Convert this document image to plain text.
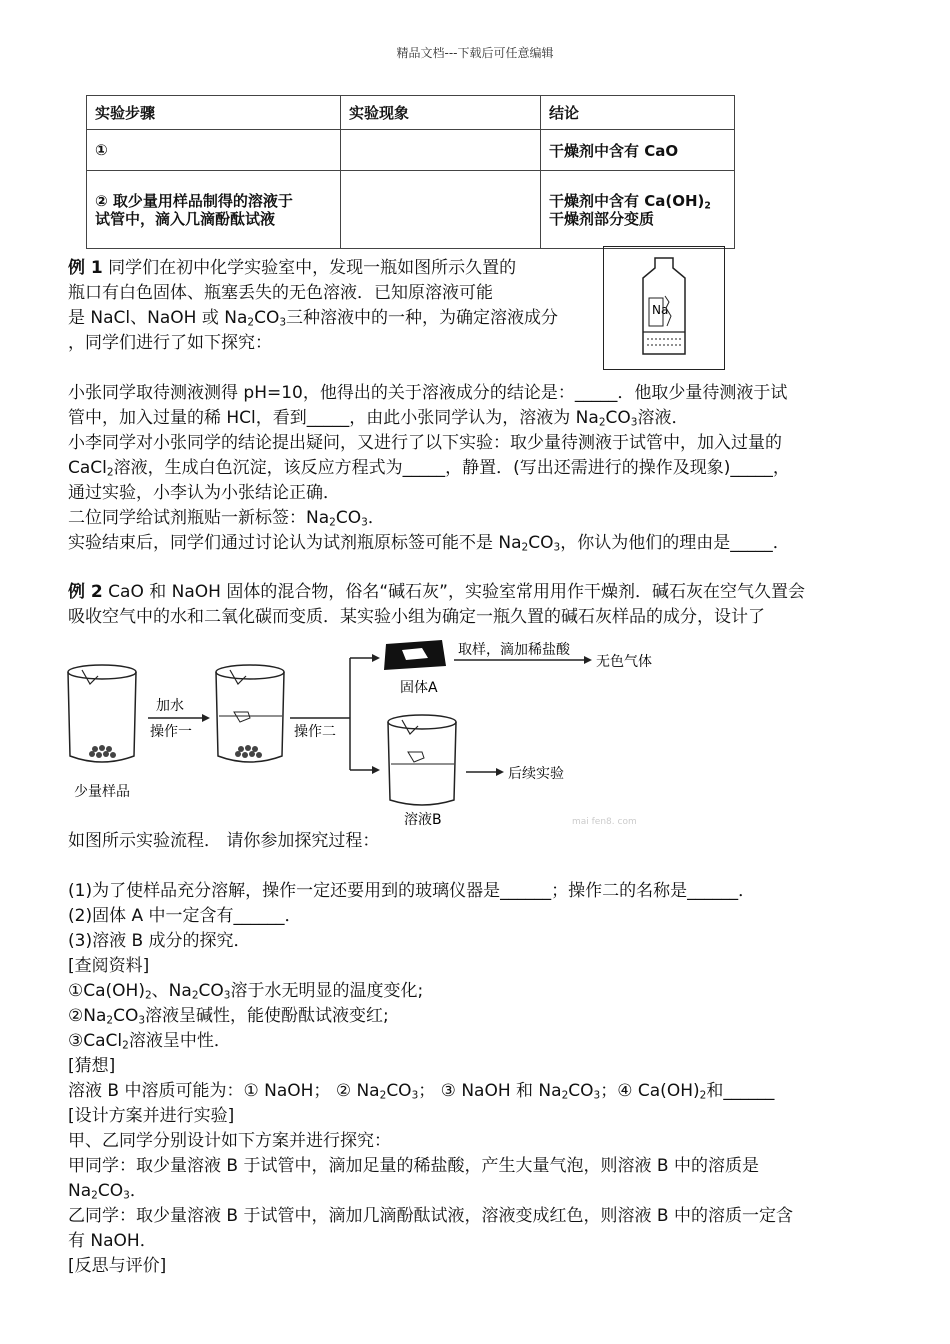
精品文档---下载后可任意编辑
实验步骤	实验现象	结论
①		干燥剂中含有 CaO
② 取少量用样品制得的溶液于
试管中，滴入几滴酚酞试液		干燥剂中含有 $Ca(OH)_2$
干燥剂部分变质
例 1 同学们在初中化学实验室中，发现一瓶如图所示久置的
瓶口有白色固体、瓶塞丢失的无色溶液．已知原溶液可能
是 NaCl、NaOH 或 $Na_2CO_3$三种溶液中的一种，为确定溶液成分
，同学们进行了如下探究：
Na
小张同学取待测液测得 pH=10，他得出的关于溶液成分的结论是：_____．他取少量待测液于试
管中，加入过量的稀 HCl，看到_____，由此小张同学认为，溶液为 $Na_2CO_3$溶液．
小李同学对小张同学的结论提出疑问，又进行了以下实验：取少量待测液于试管中，加入过量的
CaCl$_2$溶液，生成白色沉淀，该反应方程式为_____，静置．(写出还需进行的操作及现象)_____，
通过实验，小李认为小张结论正确．
二位同学给试剂瓶贴一新标签：$Na_2CO_3$．
实验结束后，同学们通过讨论认为试剂瓶原标签可能不是 $Na_2CO_3$，你认为他们的理由是_____．
例 2 CaO 和 NaOH 固体的混合物，俗名“碱石灰”，实验室常用用作干燥剂．碱石灰在空气久置会
吸收空气中的水和二氧化碳而变质．某实验小组为确定一瓶久置的碱石灰样品的成分，设计了
少量样品
加水
操作一	操作二
固体A
取样，滴加稀盐酸
无色气体
溶液B
后续实验
mai fen8. com
如图所示实验流程． 请你参加探究过程：
(1)为了使样品充分溶解，操作一定还要用到的玻璃仪器是______；操作二的名称是______．
(2)固体 A 中一定含有______．
(3)溶液 B 成分的探究．
[查阅资料]
$①Ca(OH)_2$、$Na_2CO_3$溶于水无明显的温度变化;
$②Na_2CO_3$溶液呈碱性，能使酚酞试液变红;
③CaCl$_2$溶液呈中性．
[猜想]
溶液 B 中溶质可能为：① NaOH； ② $Na_2CO_3$； ③ NaOH 和 $Na_2CO_3$；④ $Ca(OH)_2$和______
[设计方案并进行实验]
甲、乙同学分别设计如下方案并进行探究：
甲同学：取少量溶液 B 于试管中，滴加足量的稀盐酸，产生大量气泡，则溶液 B 中的溶质是
$Na_2CO_3$．
乙同学：取少量溶液 B 于试管中，滴加几滴酚酞试液，溶液变成红色，则溶液 B 中的溶质一定含
有 NaOH．
[反思与评价]
